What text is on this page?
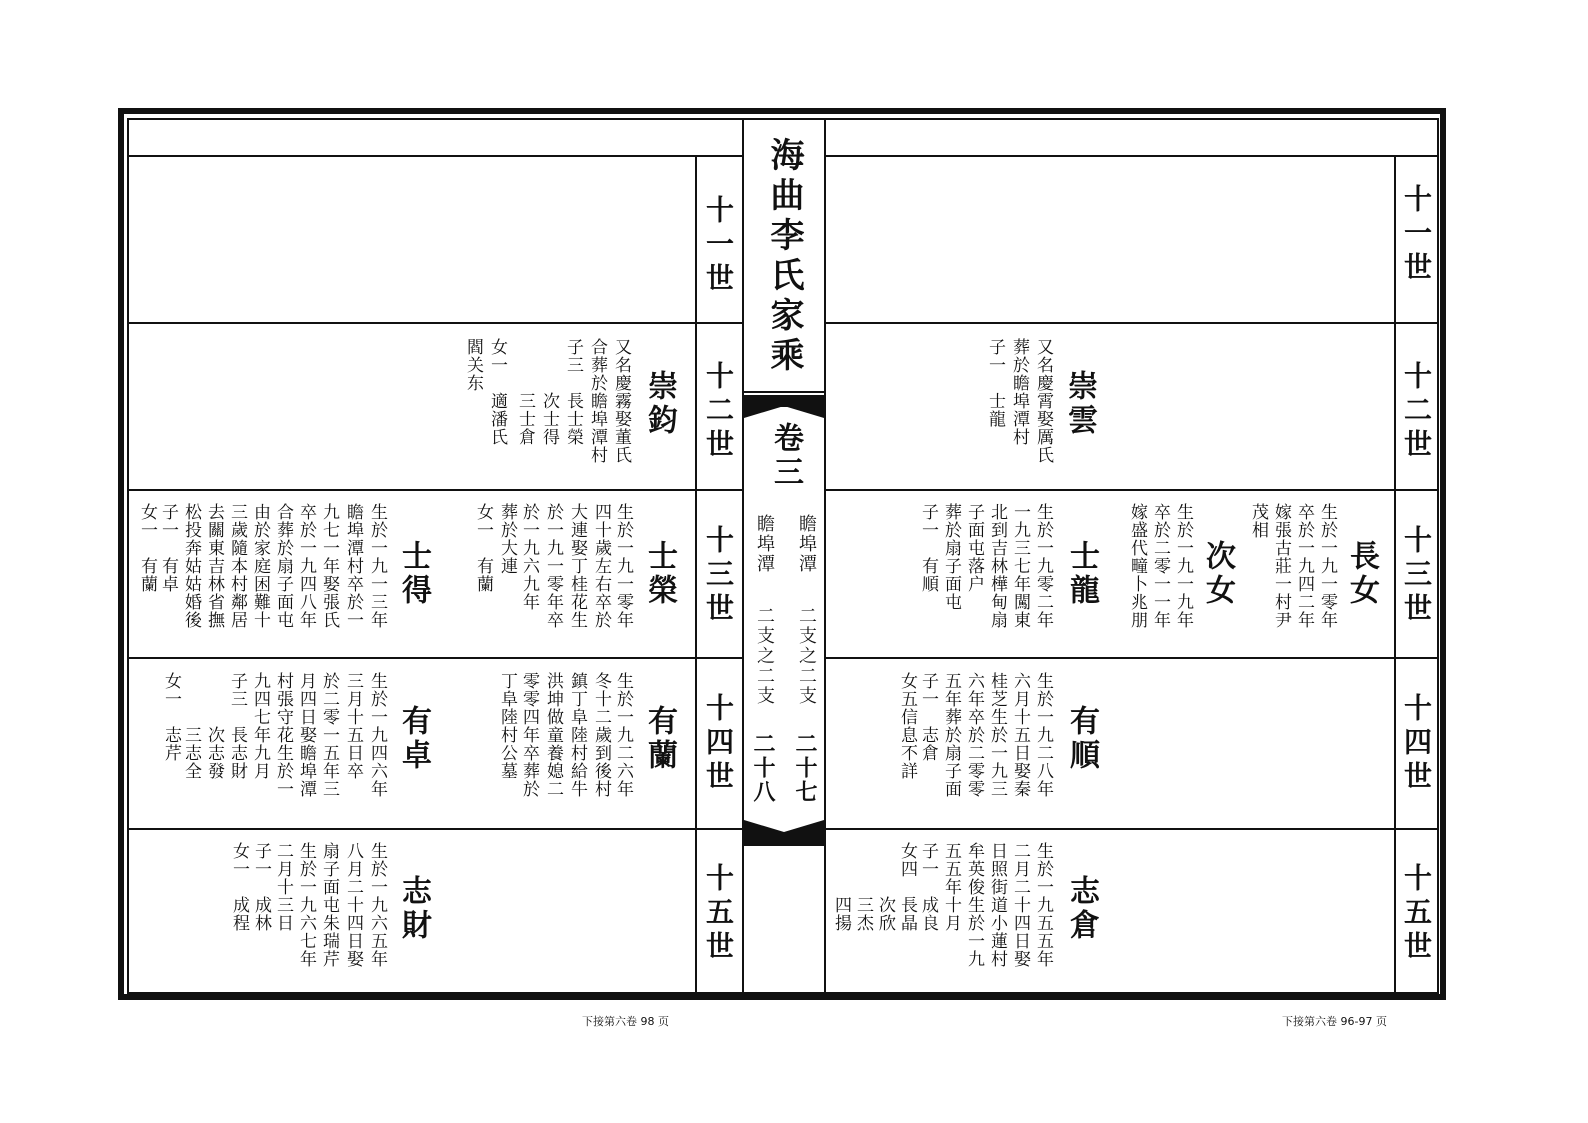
海曲李氏家乘
卷三
瞻埠潭
二支之二支
二十七
瞻埠潭
二支之二支
二十八
十一世
十二世
十三世
十四世
十五世
十一世
十二世
十三世
十四世
十五世
崇鈞
又名慶霧娶董氏
合葬於瞻埠潭村
子三　長士榮
　　　次士得
　　　三士倉
女一　適潘氏
閻关东
士榮
生於一九一零年
四十歲左右卒於
大連娶丁桂花生
於一九一零年卒
於一九六九年
葬於大連
女一　有蘭
士得
生於一九一三年
瞻埠潭村卒於一
九七一年娶張氏
卒於一九四八年
合葬於扇子面屯
由於家庭困難十
三歲隨本村鄰居
去關東吉林省撫
松投奔姑姑婚後
子一　有卓
女一　有蘭
有蘭
生於一九二六年
冬十二歲到後村
鎮丁阜陸村給牛
洪坤做童養媳二
零零四年卒葬於
丁阜陸村公墓
有卓
生於一九四六年
三月十五日卒
於二零一五年三
月四日娶瞻埠潭
村張守花生於一
九四七年九月
子三　長志財
　　　次志發
　　　三志全
女一　志芹
志財
生於一九六五年
八月二十四日娶
扇子面屯朱瑞芹
生於一九六七年
二月十三日
子一　成林
女一　成程
崇雲
又名慶霄娶厲氏
葬於瞻埠潭村
子一　士龍
長女
生於一九一零年
卒於一九四二年
嫁張古莊一村尹
茂相
次女
生於一九一九年
卒於二零一一年
嫁盛代疃卜兆朋
士龍
生於一九零二年
一九三七年闖東
北到吉林樺甸扇
子面屯落户
葬於扇子面屯
子一　有順
有順
生於一九二八年
六月十五日娶秦
桂芝生於一九三
六年卒於二零零
五年葬於扇子面
子一　志倉
女五信息不詳
志倉
生於一九五五年
二月二十四日娶
日照街道小蓮村
牟英俊生於一九
五五年十月
子一　成良
女四　長晶
　　　次欣
　　　三杰
　　　四揚
下接第六卷 98 页	下接第六卷 96-97 页
